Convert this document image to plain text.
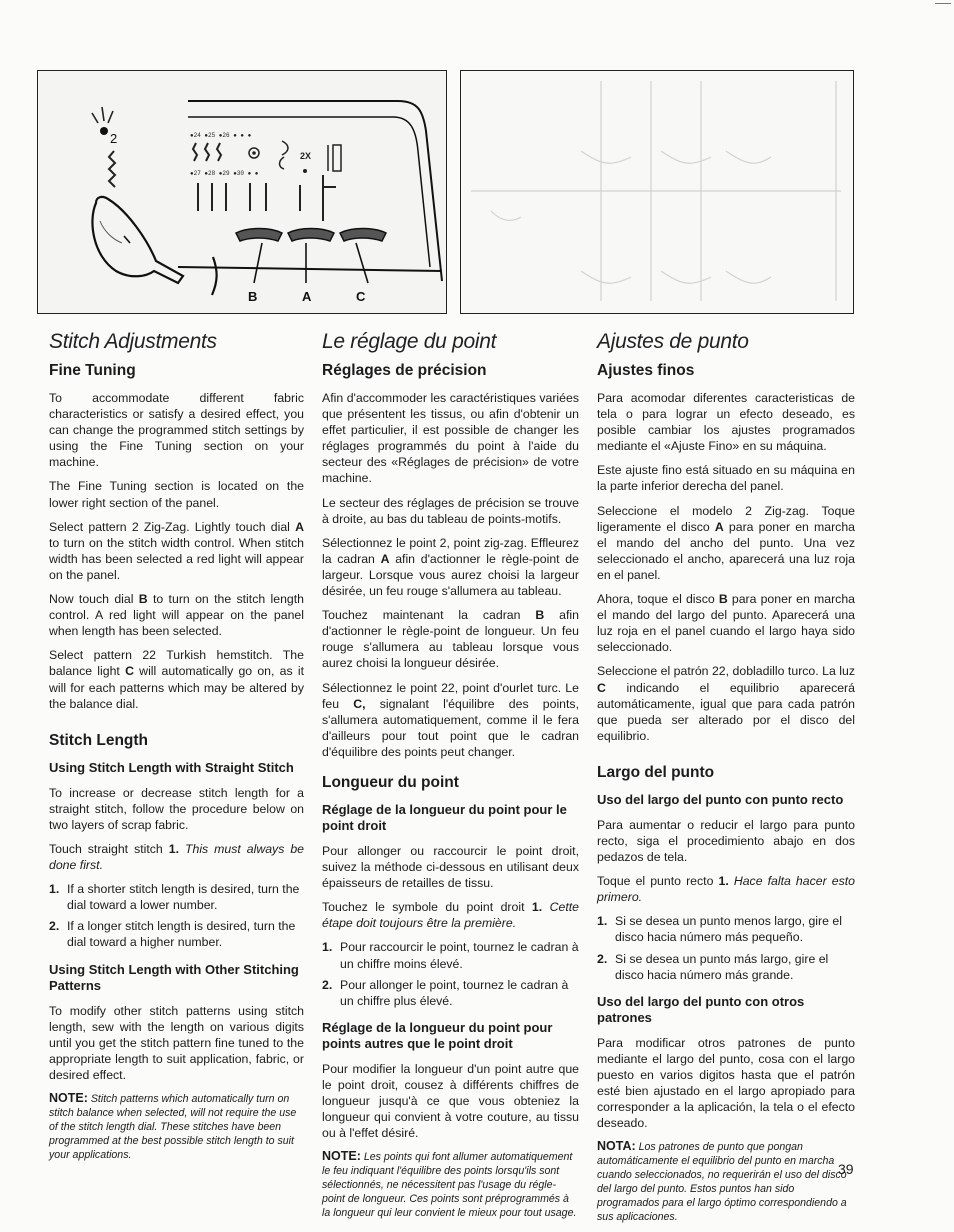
2	●24 ●25 ●26 ● ● ●
●27 ●28 ●29 ●30 ● ●
2X
B	A	C
Stitch Adjustments
Fine Tuning

To accommodate different fabric characteristics or satisfy a desired effect, you can change the programmed stitch settings by using the Fine Tuning section on your machine.

The Fine Tuning section is located on the lower right section of the panel.

Select pattern 2 Zig-Zag. Lightly touch dial A to turn on the stitch width control. When stitch width has been selected a red light will appear on the panel.

Now touch dial B to turn on the stitch length control. A red light will appear on the panel when length has been selected.

Select pattern 22 Turkish hemstitch. The balance light C will automatically go on, as it will for each patterns which may be altered by the balance dial.

Stitch Length
Using Stitch Length with Straight Stitch

To increase or decrease stitch length for a straight stitch, follow the procedure below on two layers of scrap fabric.

Touch straight stitch 1. This must always be done first.

1. If a shorter stitch length is desired, turn the dial toward a lower number.
2. If a longer stitch length is desired, turn the dial toward a higher number.
Using Stitch Length with Other Stitching Patterns

To modify other stitch patterns using stitch length, sew with the length on various digits until you get the stitch pattern fine tuned to the appropriate length to suit application, fabric, or desired effect.

NOTE: Stitch patterns which automatically turn on stitch balance when selected, will not require the use of the stitch length dial. These stitches have been programmed at the best possible stitch length to suit your applications.

Le réglage du point
Réglages de précision

Afin d'accommoder les caractéristiques variées que présentent les tissus, ou afin d'obtenir un effet particulier, il est possible de changer les réglages programmés du point à l'aide du secteur des «Réglages de précision» de votre machine.

Le secteur des réglages de précision se trouve à droite, au bas du tableau de points-motifs.

Sélectionnez le point 2, point zig-zag. Effleurez la cadran A afin d'actionner le règle-point de largeur. Lorsque vous aurez choisi la largeur désirée, un feu rouge s'allumera au tableau.

Touchez maintenant la cadran B afin d'actionner le règle-point de longueur. Un feu rouge s'allumera au tableau lorsque vous aurez choisi la longueur désirée.

Sélectionnez le point 22, point d'ourlet turc. Le feu C, signalant l'équilibre des points, s'allumera automatiquement, comme il le fera d'ailleurs pour tout point que le cadran d'équilibre des points peut changer.

Longueur du point
Réglage de la longueur du point pour le point droit

Pour allonger ou raccourcir le point droit, suivez la méthode ci-dessous en utilisant deux épaisseurs de retailles de tissu.

Touchez le symbole du point droit 1. Cette étape doit toujours être la première.

1. Pour raccourcir le point, tournez le cadran à un chiffre moins élevé.
2. Pour allonger le point, tournez le cadran à un chiffre plus élevé.
Réglage de la longueur du point pour points autres que le point droit

Pour modifier la longueur d'un point autre que le point droit, cousez à différents chiffres de longueur jusqu'à ce que vous obteniez la longueur qui convient à votre couture, au tissu ou à l'effet désiré.

NOTE: Les points qui font allumer automatiquement le feu indiquant l'équilibre des points lorsqu'ils sont sélectionnés, ne nécessitent pas l'usage du régle-point de longueur. Ces points sont préprogrammés à la longueur qui leur convient le mieux pour tout usage.

Ajustes de punto
Ajustes finos

Para acomodar diferentes caracteristicas de tela o para lograr un efecto deseado, es posible cambiar los ajustes programados mediante el «Ajuste Fino» en su máquina.

Este ajuste fino está situado en su máquina en la parte inferior derecha del panel.

Seleccione el modelo 2 Zig-zag. Toque ligeramente el disco A para poner en marcha el mando del ancho del punto. Una vez seleccionado el ancho, aparecerá una luz roja en el panel.

Ahora, toque el disco B para poner en marcha el mando del largo del punto. Aparecerá una luz roja en el panel cuando el largo haya sido seleccionado.

Seleccione el patrón 22, dobladillo turco. La luz C indicando el equilibrio aparecerá automáticamente, igual que para cada patrón que pueda ser alterado por el disco del equilibrio.

Largo del punto
Uso del largo del punto con punto recto

Para aumentar o reducir el largo para punto recto, siga el procedimiento abajo en dos pedazos de tela.

Toque el punto recto 1. Hace falta hacer esto primero.

1. Si se desea un punto menos largo, gire el disco hacia número más pequeño.
2. Si se desea un punto más largo, gire el disco hacia número más grande.
Uso del largo del punto con otros patrones

Para modificar otros patrones de punto mediante el largo del punto, cosa con el largo puesto en varios digitos hasta que el patrón esté bien ajustado en el largo apropiado para corresponder a la aplicación, la tela o el efecto deseado.

NOTA: Los patrones de punto que pongan automáticamente el equilibrio del punto en marcha cuando seleccionados, no requerirán el uso del disco del largo del punto. Estos puntos han sido programados para el largo óptimo correspondiendo a sus aplicaciones.

39
